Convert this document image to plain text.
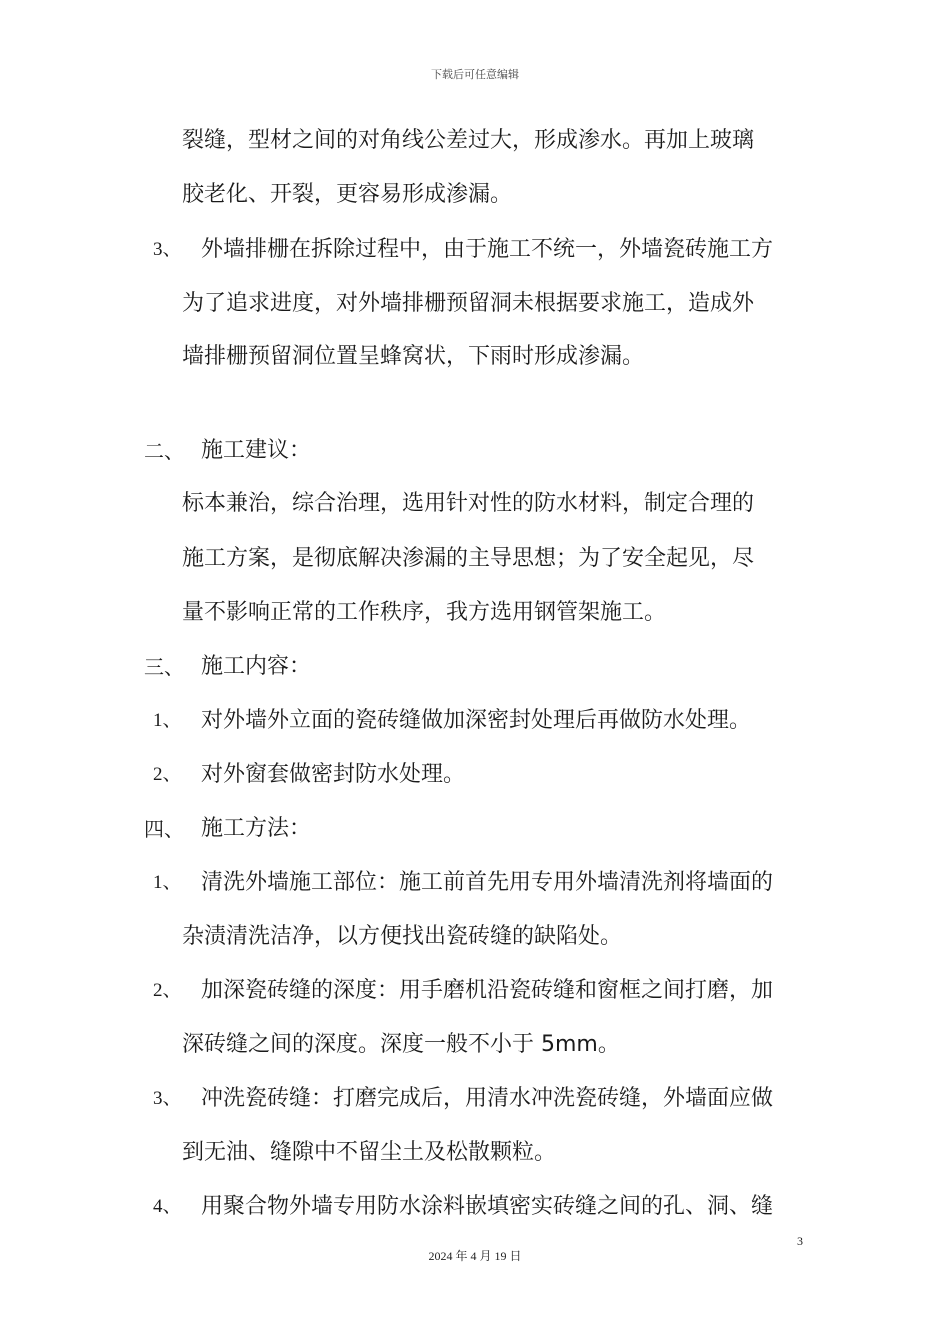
下载后可任意编辑
裂缝，型材之间的对角线公差过大，形成渗水。再加上玻璃
胶老化、开裂，更容易形成渗漏。
3、 外墙排栅在拆除过程中，由于施工不统一，外墙瓷砖施工方
为了追求进度，对外墙排栅预留洞未根据要求施工，造成外
墙排栅预留洞位置呈蜂窝状，下雨时形成渗漏。
二、 施工建议：
标本兼治，综合治理，选用针对性的防水材料，制定合理的
施工方案，是彻底解决渗漏的主导思想；为了安全起见，尽
量不影响正常的工作秩序，我方选用钢管架施工。
三、 施工内容：
1、 对外墙外立面的瓷砖缝做加深密封处理后再做防水处理。
2、 对外窗套做密封防水处理。
四、 施工方法：
1、 清洗外墙施工部位：施工前首先用专用外墙清洗剂将墙面的
杂渍清洗洁净，以方便找出瓷砖缝的缺陷处。
2、 加深瓷砖缝的深度：用手磨机沿瓷砖缝和窗框之间打磨，加
深砖缝之间的深度。深度一般不小于 5mm。
3、 冲洗瓷砖缝：打磨完成后，用清水冲洗瓷砖缝，外墙面应做
到无油、缝隙中不留尘土及松散颗粒。
4、 用聚合物外墙专用防水涂料嵌填密实砖缝之间的孔、洞、缝
3
2024 年 4 月 19 日
